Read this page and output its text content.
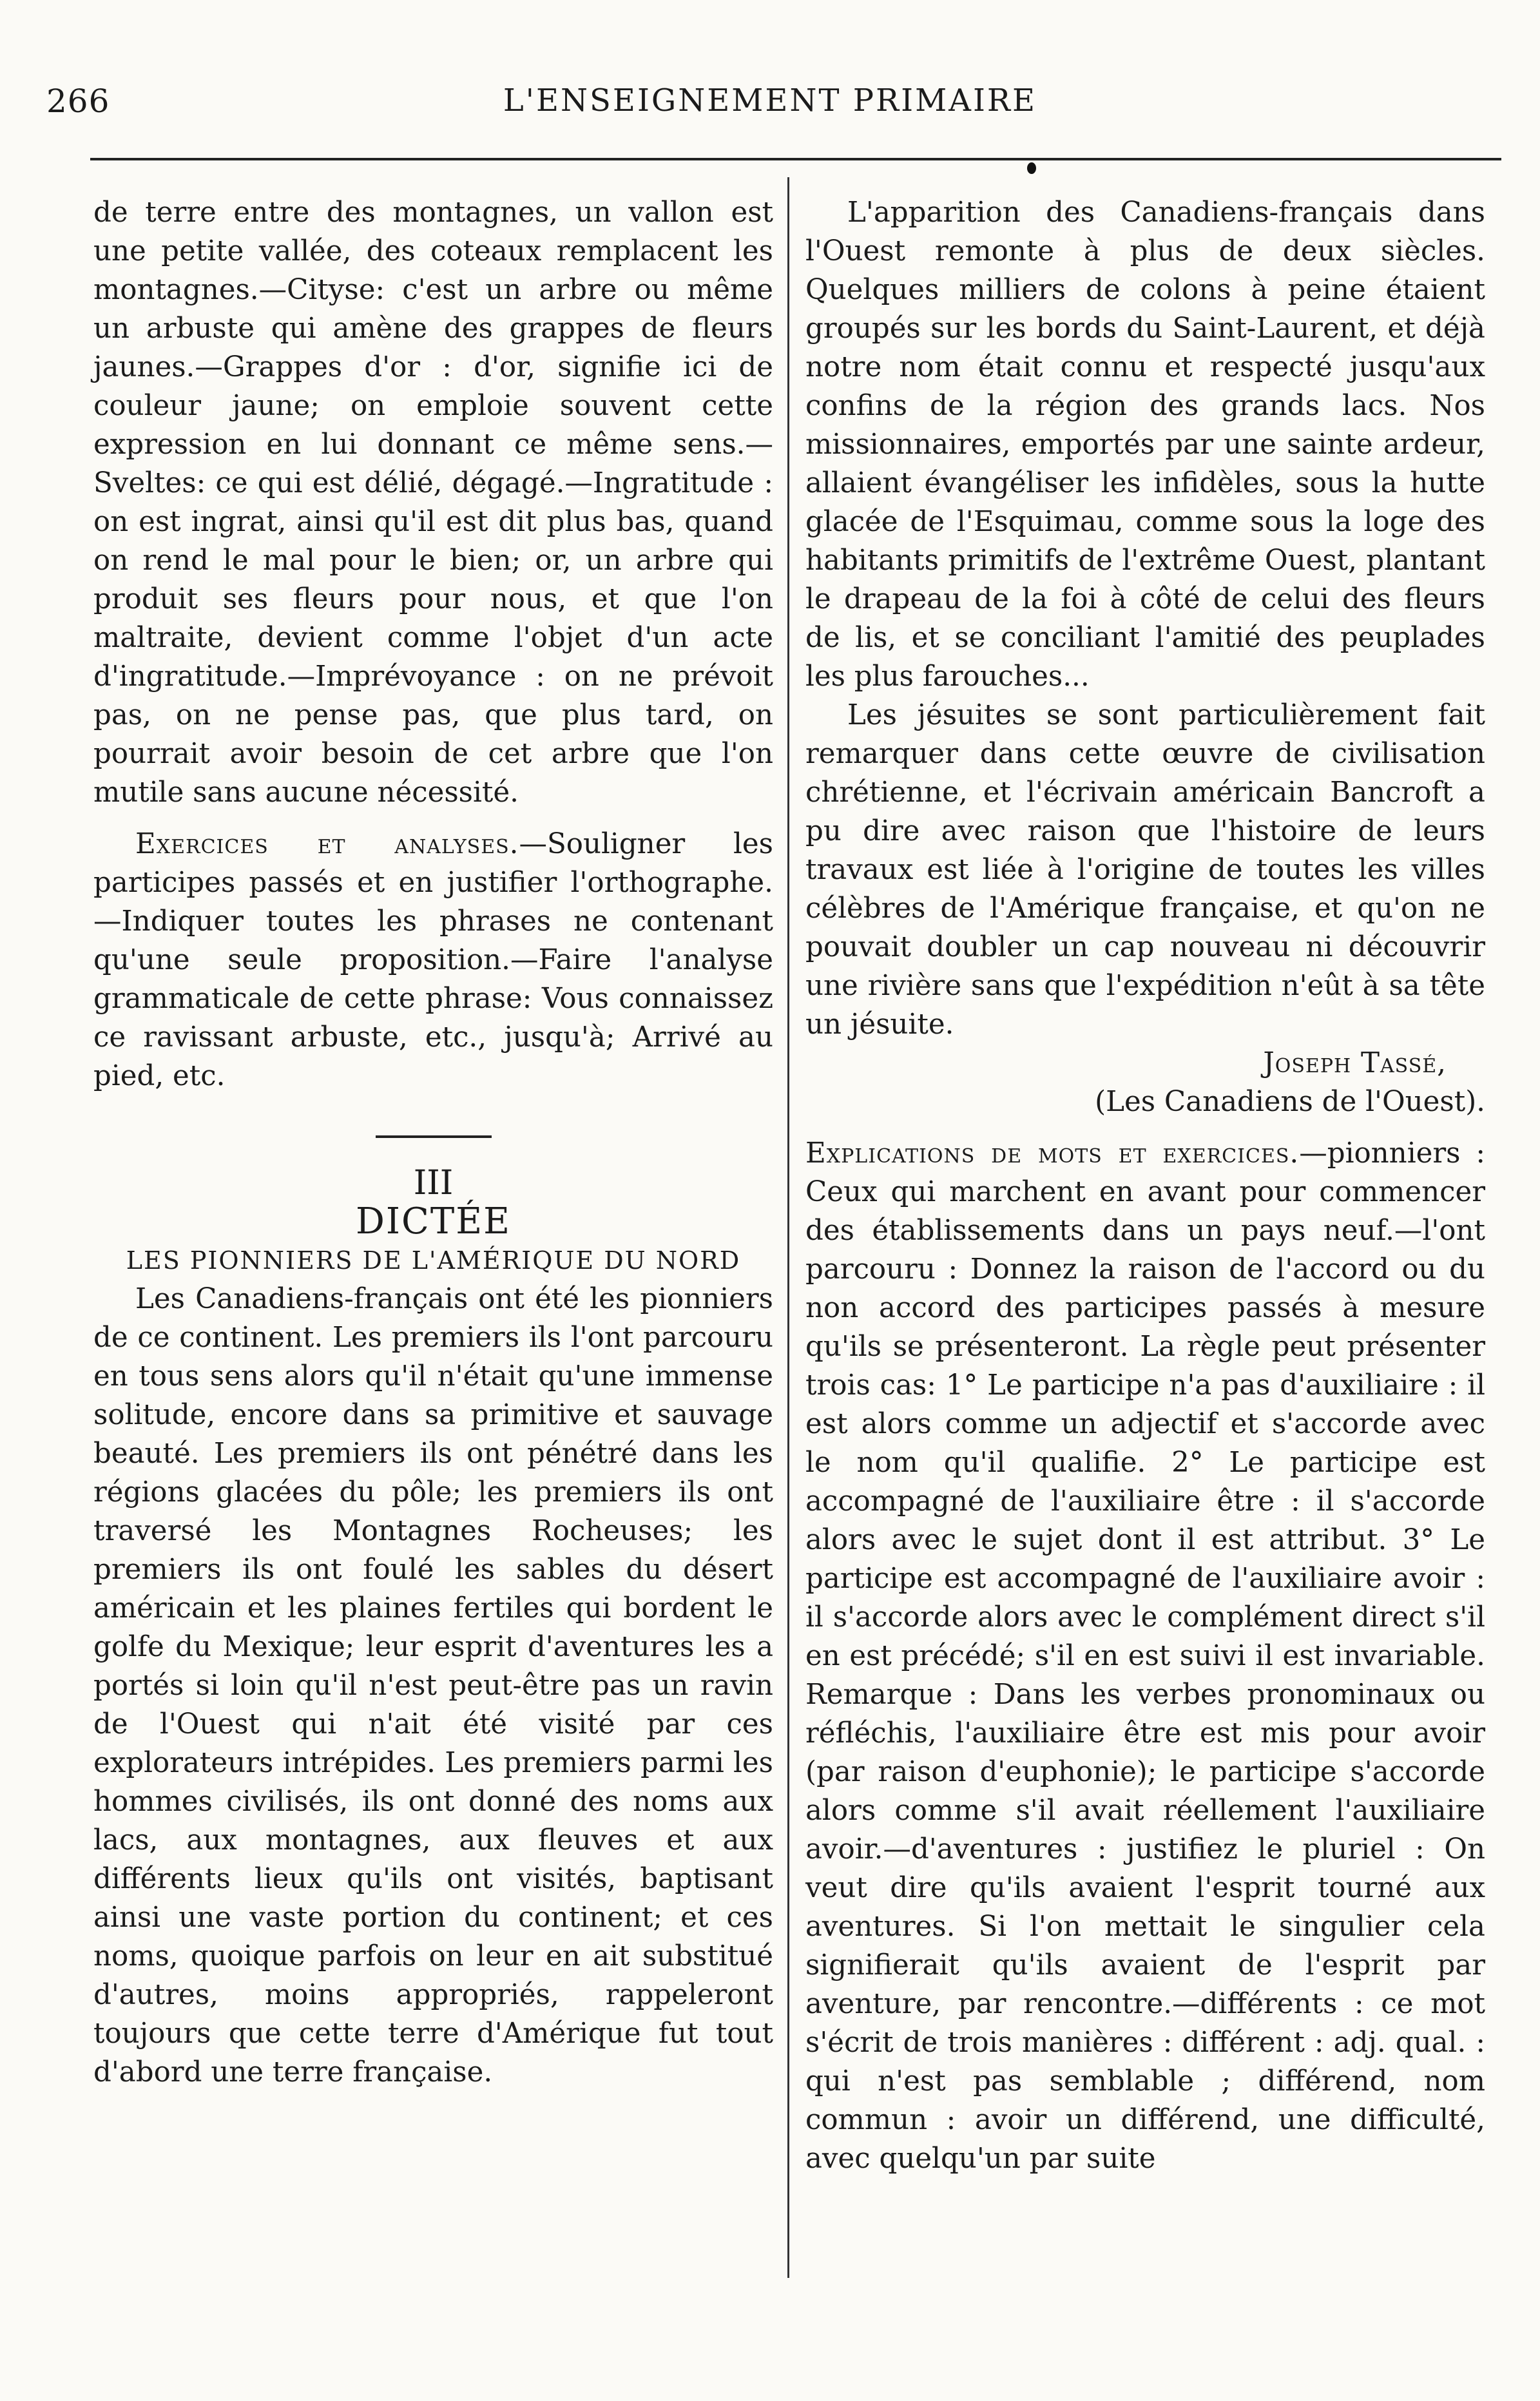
266	L'ENSEIGNEMENT PRIMAIRE

de terre entre des montagnes, un vallon est une petite vallée, des coteaux remplacent les montagnes.—Cityse: c'est un arbre ou même un arbuste qui amène des grappes de fleurs jaunes.—Grappes d'or : d'or, signifie ici de couleur jaune; on emploie souvent cette expression en lui donnant ce même sens.—Sveltes: ce qui est délié, dégagé.—Ingratitude : on est ingrat, ainsi qu'il est dit plus bas, quand on rend le mal pour le bien; or, un arbre qui produit ses fleurs pour nous, et que l'on maltraite, devient comme l'objet d'un acte d'ingratitude.—Imprévoyance : on ne prévoit pas, on ne pense pas, que plus tard, on pourrait avoir besoin de cet arbre que l'on mutile sans aucune nécessité.

Exercices et analyses.—Souligner les participes passés et en justifier l'orthographe. —Indiquer toutes les phrases ne contenant qu'une seule proposition.—Faire l'analyse grammaticale de cette phrase: Vous connaissez ce ravissant arbuste, etc., jusqu'à; Arrivé au pied, etc.

III

DICTÉE

LES PIONNIERS DE L'AMÉRIQUE DU NORD

Les Canadiens-français ont été les pionniers de ce continent. Les premiers ils l'ont parcouru en tous sens alors qu'il n'était qu'une immense solitude, encore dans sa primitive et sauvage beauté. Les premiers ils ont pénétré dans les régions glacées du pôle; les premiers ils ont traversé les Montagnes Rocheuses; les premiers ils ont foulé les sables du désert américain et les plaines fertiles qui bordent le golfe du Mexique; leur esprit d'aventures les a portés si loin qu'il n'est peut-être pas un ravin de l'Ouest qui n'ait été visité par ces explorateurs intrépides. Les premiers parmi les hommes civilisés, ils ont donné des noms aux lacs, aux montagnes, aux fleuves et aux différents lieux qu'ils ont visités, baptisant ainsi une vaste portion du continent; et ces noms, quoique parfois on leur en ait substitué d'autres, moins appropriés, rappeleront toujours que cette terre d'Amérique fut tout d'abord une terre française.

L'apparition des Canadiens-français dans l'Ouest remonte à plus de deux siècles. Quelques milliers de colons à peine étaient groupés sur les bords du Saint-Laurent, et déjà notre nom était connu et respecté jusqu'aux confins de la région des grands lacs. Nos missionnaires, emportés par une sainte ardeur, allaient évangéliser les infidèles, sous la hutte glacée de l'Esquimau, comme sous la loge des habitants primitifs de l'extrême Ouest, plantant le drapeau de la foi à côté de celui des fleurs de lis, et se conciliant l'amitié des peuplades les plus farouches...

Les jésuites se sont particulièrement fait remarquer dans cette œuvre de civilisation chrétienne, et l'écrivain américain Bancroft a pu dire avec raison que l'histoire de leurs travaux est liée à l'origine de toutes les villes célèbres de l'Amérique française, et qu'on ne pouvait doubler un cap nouveau ni découvrir une rivière sans que l'expédition n'eût à sa tête un jésuite.

Joseph Tassé,

(Les Canadiens de l'Ouest).

Explications de mots et exercices.—pionniers : Ceux qui marchent en avant pour commencer des établissements dans un pays neuf.—l'ont parcouru : Donnez la raison de l'accord ou du non accord des participes passés à mesure qu'ils se présenteront. La règle peut présenter trois cas: 1° Le participe n'a pas d'auxiliaire : il est alors comme un adjectif et s'accorde avec le nom qu'il qualifie. 2° Le participe est accompagné de l'auxiliaire être : il s'accorde alors avec le sujet dont il est attribut. 3° Le participe est accompagné de l'auxiliaire avoir : il s'accorde alors avec le complément direct s'il en est précédé; s'il en est suivi il est invariable. Remarque : Dans les verbes pronominaux ou réfléchis, l'auxiliaire être est mis pour avoir (par raison d'euphonie); le participe s'accorde alors comme s'il avait réellement l'auxiliaire avoir.—d'aventures : justifiez le pluriel : On veut dire qu'ils avaient l'esprit tourné aux aventures. Si l'on mettait le singulier cela signifierait qu'ils avaient de l'esprit par aventure, par rencontre.—différents : ce mot s'écrit de trois manières : différent : adj. qual. : qui n'est pas semblable ; différend, nom commun : avoir un différend, une difficulté, avec quelqu'un par suite
